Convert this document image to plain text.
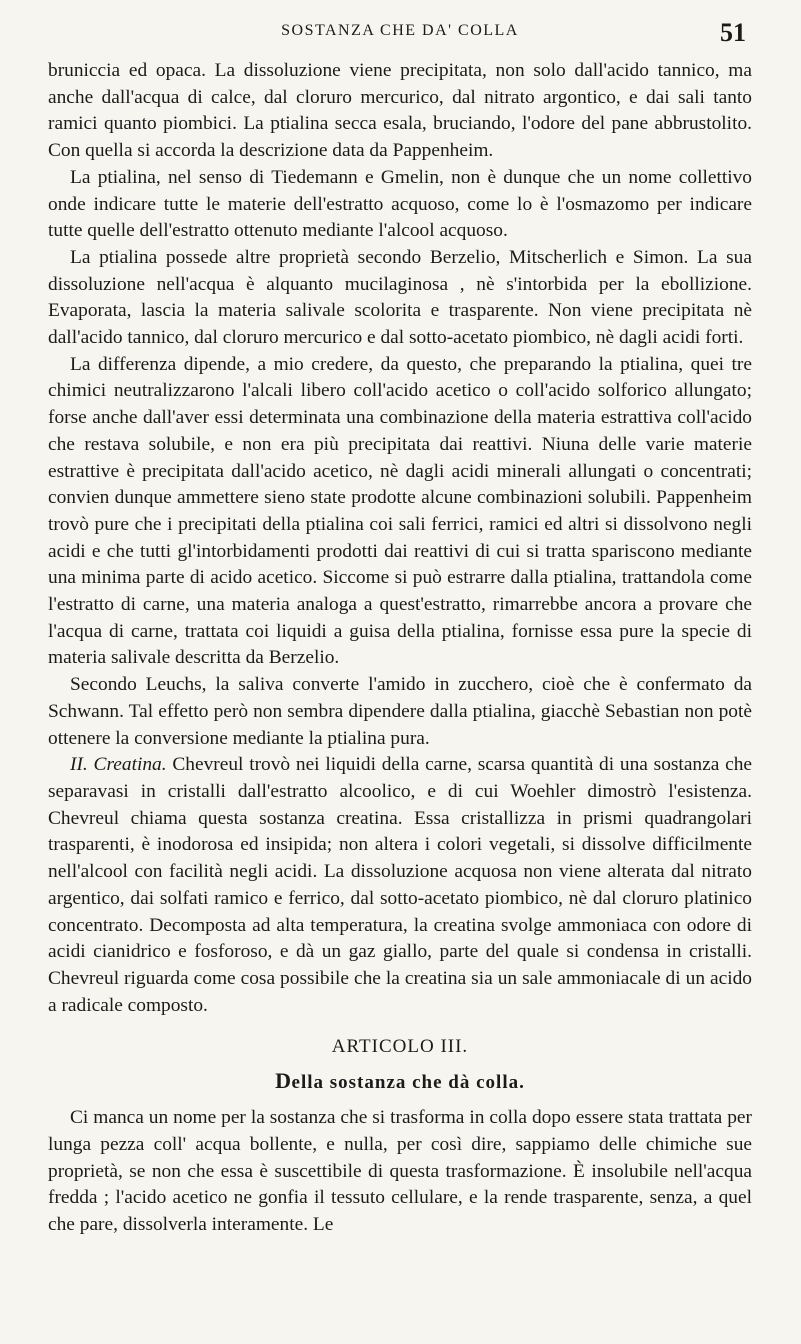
SOSTANZA CHE DA' COLLA	51

bruniccia ed opaca. La dissoluzione viene precipitata, non solo dall'acido tannico, ma anche dall'acqua di calce, dal cloruro mercurico, dal nitrato argontico, e dai sali tanto ramici quanto piombici. La ptialina secca esala, bruciando, l'odore del pane abbrustolito. Con quella si accorda la descrizione data da Pappenheim.

La ptialina, nel senso di Tiedemann e Gmelin, non è dunque che un nome collettivo onde indicare tutte le materie dell'estratto acquoso, come lo è l'osmazomo per indicare tutte quelle dell'estratto ottenuto mediante l'alcool acquoso.

La ptialina possede altre proprietà secondo Berzelio, Mitscherlich e Simon. La sua dissoluzione nell'acqua è alquanto mucilaginosa , nè s'intorbida per la ebollizione. Evaporata, lascia la materia salivale scolorita e trasparente. Non viene precipitata nè dall'acido tannico, dal cloruro mercurico e dal sotto-acetato piombico, nè dagli acidi forti.

La differenza dipende, a mio credere, da questo, che preparando la ptialina, quei tre chimici neutralizzarono l'alcali libero coll'acido acetico o coll'acido solforico allungato; forse anche dall'aver essi determinata una combinazione della materia estrattiva coll'acido che restava solubile, e non era più precipitata dai reattivi. Niuna delle varie materie estrattive è precipitata dall'acido acetico, nè dagli acidi minerali allungati o concentrati; convien dunque ammettere sieno state prodotte alcune combinazioni solubili. Pappenheim trovò pure che i precipitati della ptialina coi sali ferrici, ramici ed altri si dissolvono negli acidi e che tutti gl'intorbidamenti prodotti dai reattivi di cui si tratta spariscono mediante una minima parte di acido acetico. Siccome si può estrarre dalla ptialina, trattandola come l'estratto di carne, una materia analoga a quest'estratto, rimarrebbe ancora a provare che l'acqua di carne, trattata coi liquidi a guisa della ptialina, fornisse essa pure la specie di materia salivale descritta da Berzelio.

Secondo Leuchs, la saliva converte l'amido in zucchero, cioè che è confermato da Schwann. Tal effetto però non sembra dipendere dalla ptialina, giacchè Sebastian non potè ottenere la conversione mediante la ptialina pura.

II. Creatina. Chevreul trovò nei liquidi della carne, scarsa quantità di una sostanza che separavasi in cristalli dall'estratto alcoolico, e di cui Woehler dimostrò l'esistenza. Chevreul chiama questa sostanza creatina. Essa cristallizza in prismi quadrangolari trasparenti, è inodorosa ed insipida; non altera i colori vegetali, si dissolve difficilmente nell'alcool con facilità negli acidi. La dissoluzione acquosa non viene alterata dal nitrato argentico, dai solfati ramico e ferrico, dal sotto-acetato piombico, nè dal cloruro platinico concentrato. Decomposta ad alta temperatura, la creatina svolge ammoniaca con odore di acidi cianidrico e fosforoso, e dà un gaz giallo, parte del quale si condensa in cristalli. Chevreul riguarda come cosa possibile che la creatina sia un sale ammoniacale di un acido a radicale composto.

ARTICOLO III.
Della sostanza che dà colla.

Ci manca un nome per la sostanza che si trasforma in colla dopo essere stata trattata per lunga pezza coll' acqua bollente, e nulla, per così dire, sappiamo delle chimiche sue proprietà, se non che essa è suscettibile di questa trasformazione. È insolubile nell'acqua fredda ; l'acido acetico ne gonfia il tessuto cellulare, e la rende trasparente, senza, a quel che pare, dissolverla interamente. Le
